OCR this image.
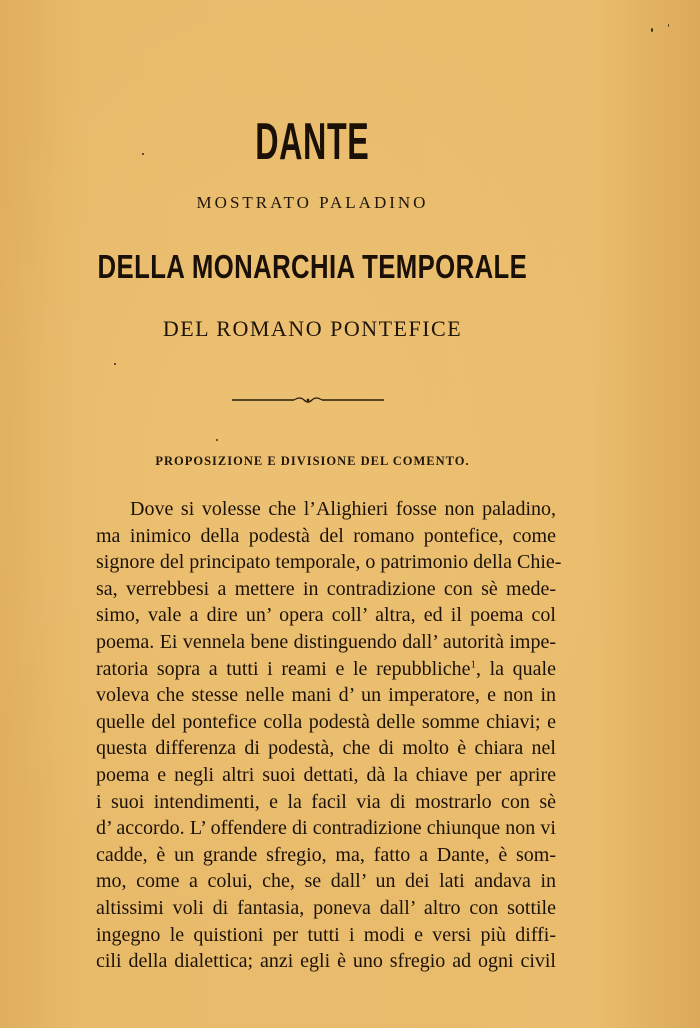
DANTE
MOSTRATO PALADINO
DELLA MONARCHIA TEMPORALE
DEL ROMANO PONTEFICE
PROPOSIZIONE E DIVISIONE DEL COMENTO.
Dove si volesse che l’Alighieri fosse non paladino,
ma inimico della podestà del romano pontefice, come
signore del principato temporale, o patrimonio della Chie-
sa, verrebbesi a mettere in contradizione con sè mede-
simo, vale a dire un’ opera coll’ altra, ed il poema col
poema. Ei vennela bene distinguendo dall’ autorità impe-
ratoria sopra a tutti i reami e le repubbliche$^1$, la quale
voleva che stesse nelle mani d’ un imperatore, e non in
quelle del pontefice colla podestà delle somme chiavi; e
questa differenza di podestà, che di molto è chiara nel
poema e negli altri suoi dettati, dà la chiave per aprire
i suoi intendimenti, e la facil via di mostrarlo con sè
d’ accordo. L’ offendere di contradizione chiunque non vi
cadde, è un grande sfregio, ma, fatto a Dante, è som-
mo, come a colui, che, se dall’ un dei lati andava in
altissimi voli di fantasia, poneva dall’ altro con sottile
ingegno le quistioni per tutti i modi e versi più diffi-
cili della dialettica; anzi egli è uno sfregio ad ogni civil
